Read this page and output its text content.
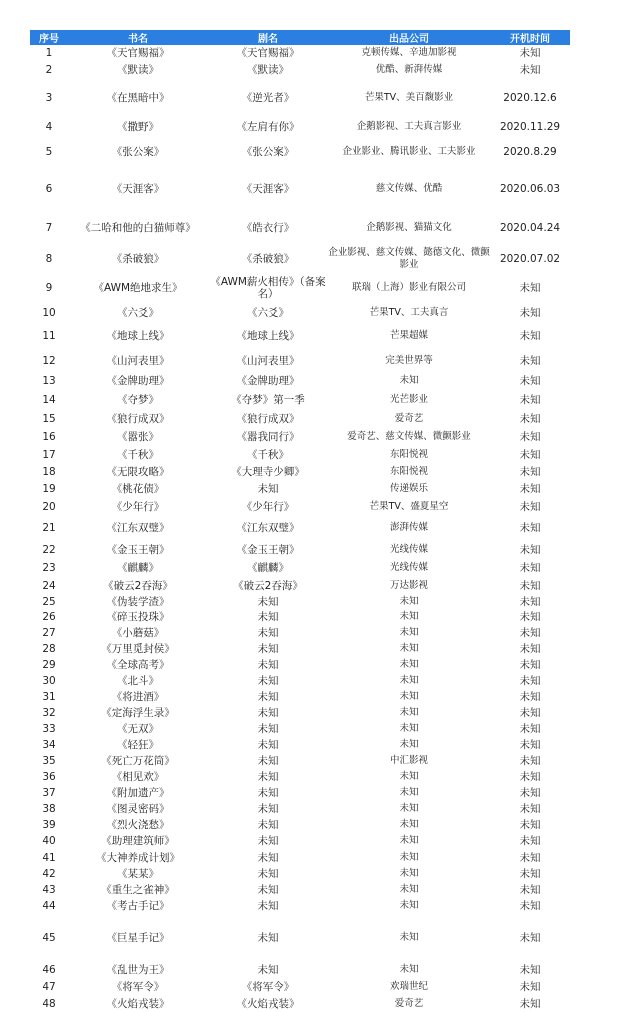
序号	书名	剧名	出品公司	开机时间
1	《天官赐福》	《天官赐福》	克顿传媒、辛迪加影视	未知
2	《默读》	《默读》	优酷、新湃传媒	未知
3	《在黑暗中》	《逆光者》	芒果TV、美百馥影业	2020.12.6
4	《撒野》	《左肩有你》	企鹅影视、工夫真言影业	2020.11.29
5	《张公案》	《张公案》	企业影业、腾讯影业、工夫影业	2020.8.29
6	《天涯客》	《天涯客》	慈文传媒、优酷	2020.06.03
7	《二哈和他的白猫师尊》	《皓衣行》	企鹅影视、猫猫文化	2020.04.24
8	《杀破狼》	《杀破狼》	企业影视、慈文传媒、懿德文化、微颤影业	2020.07.02
9	《AWM绝地求生》	《AWM薪火相传》（备案名）	联瑞（上海）影业有限公司	未知
10	《六爻》	《六爻》	芒果TV、工夫真言	未知
11	《地球上线》	《地球上线》	芒果超媒	未知
12	《山河表里》	《山河表里》	完美世界等	未知
13	《金牌助理》	《金牌助理》	未知	未知
14	《夺梦》	《夺梦》第一季	光芒影业	未知
15	《狼行成双》	《狼行成双》	爱奇艺	未知
16	《嚣张》	《嚣我同行》	爱奇艺、慈文传媒、微颤影业	未知
17	《千秋》	《千秋》	东阳悦视	未知
18	《无限攻略》	《大理寺少卿》	东阳悦视	未知
19	《桃花债》	未知	传递娱乐	未知
20	《少年行》	《少年行》	芒果TV、盛夏星空	未知
21	《江东双璧》	《江东双璧》	澎湃传媒	未知
22	《金玉王朝》	《金玉王朝》	光线传媒	未知
23	《麒麟》	《麒麟》	光线传媒	未知
24	《破云2吞海》	《破云2吞海》	万达影视	未知
25	《伪装学渣》	未知	未知	未知
26	《碎玉投珠》	未知	未知	未知
27	《小蘑菇》	未知	未知	未知
28	《万里觅封侯》	未知	未知	未知
29	《全球高考》	未知	未知	未知
30	《北斗》	未知	未知	未知
31	《将进酒》	未知	未知	未知
32	《定海浮生录》	未知	未知	未知
33	《无双》	未知	未知	未知
34	《轻狂》	未知	未知	未知
35	《死亡万花筒》	未知	中汇影视	未知
36	《相见欢》	未知	未知	未知
37	《附加遗产》	未知	未知	未知
38	《图灵密码》	未知	未知	未知
39	《烈火浇愁》	未知	未知	未知
40	《助理建筑师》	未知	未知	未知
41	《大神养成计划》	未知	未知	未知
42	《某某》	未知	未知	未知
43	《重生之雀神》	未知	未知	未知
44	《考古手记》	未知	未知	未知
45	《巨星手记》	未知	未知	未知
46	《乱世为王》	未知	未知	未知
47	《将军令》	《将军令》	欢瑞世纪	未知
48	《火焰戎装》	《火焰戎装》	爱奇艺	未知
